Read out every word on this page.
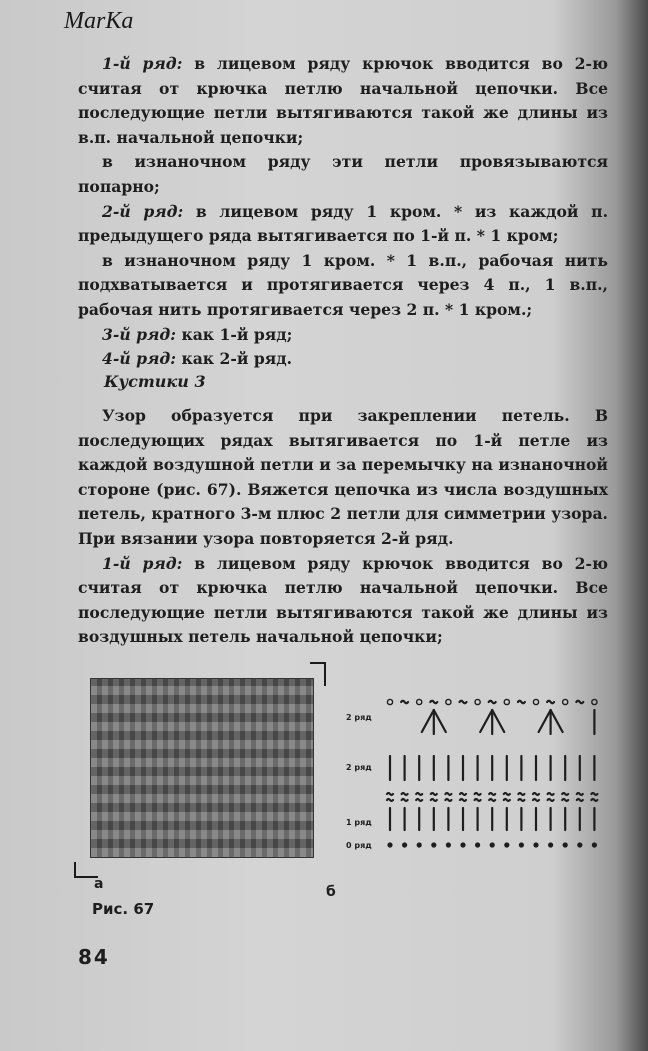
MarKa

1-й ряд: в лицевом ряду крючок вводится во 2-ю считая от крючка петлю начальной цепочки. Все последующие петли вытягиваются такой же длины из в.п. начальной цепочки;

в изнаночном ряду эти петли провязываются попарно;

2-й ряд: в лицевом ряду 1 кром. * из каждой п. предыдущего ряда вытягивается по 1-й п. * 1 кром;

в изнаночном ряду 1 кром. * 1 в.п., рабочая нить подхватывается и протягивается через 4 п., 1 в.п., рабочая нить протягивается через 2 п. * 1 кром.;

3-й ряд: как 1-й ряд;

4-й ряд: как 2-й ряд.

Кустики 3

Узор образуется при закреплении петель. В последующих рядах вытягивается по 1-й петле из каждой воздушной петли и за перемычку на изнаночной стороне (рис. 67). Вяжется цепочка из числа воздушных петель, кратного 3-м плюс 2 петли для симметрии узора. При вязании узора повторяется 2-й ряд.

1-й ряд: в лицевом ряду крючок вводится во 2-ю считая от крючка петлю начальной цепочки. Все последующие петли вытягиваются такой же длины из воздушных петель начальной цепочки;

2 ряд
2 ряд
1 ряд
0 ряд
а	б
Рис. 67
84
